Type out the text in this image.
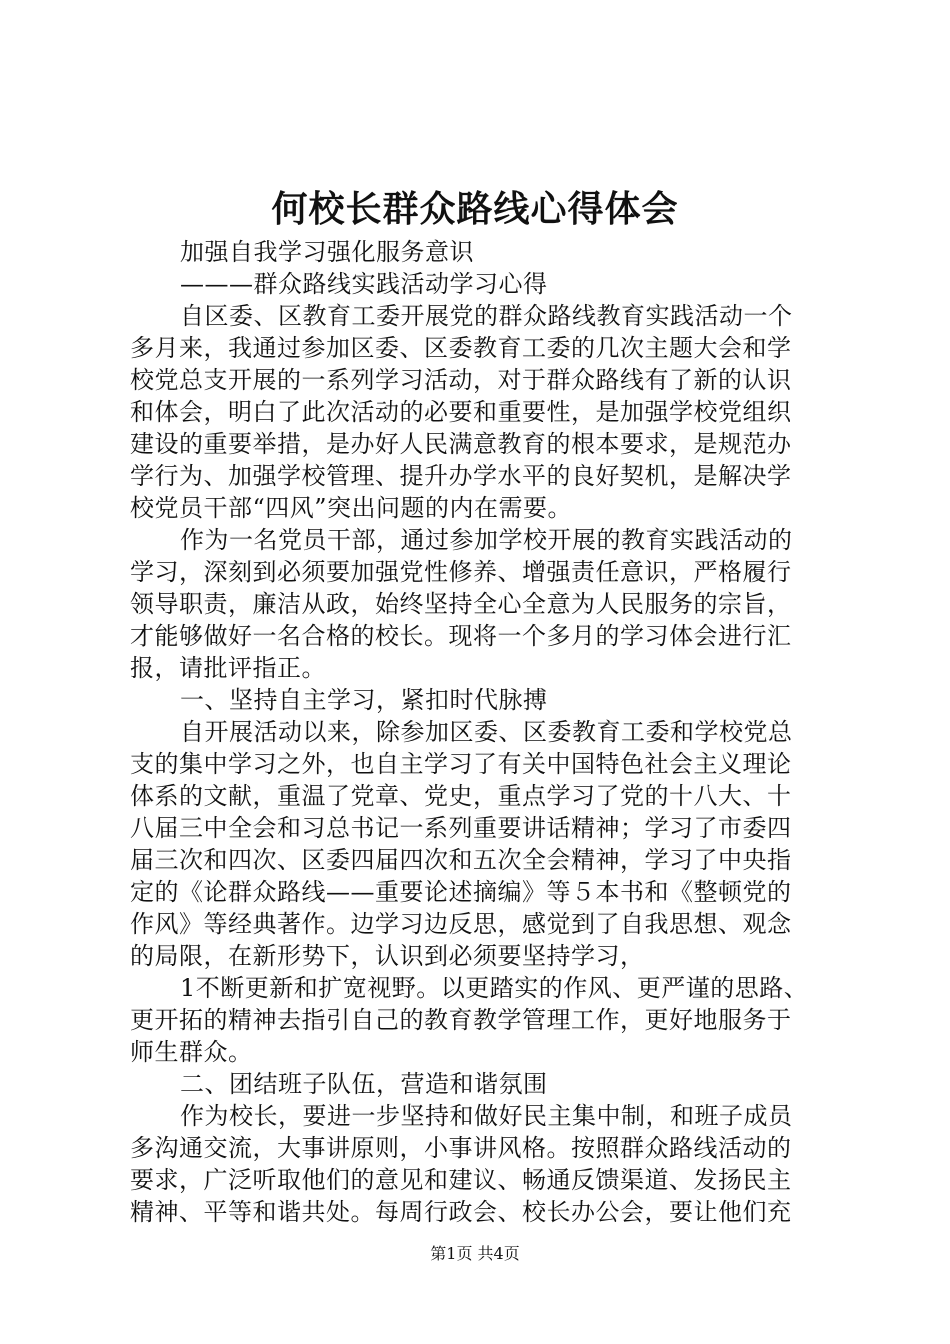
何校长群众路线心得体会
加强自我学习强化服务意识
———群众路线实践活动学习心得
自区委、区教育工委开展党的群众路线教育实践活动一个
多月来，我通过参加区委、区委教育工委的几次主题大会和学
校党总支开展的一系列学习活动，对于群众路线有了新的认识
和体会，明白了此次活动的必要和重要性，是加强学校党组织
建设的重要举措，是办好人民满意教育的根本要求，是规范办
学行为、加强学校管理、提升办学水平的良好契机，是解决学
校党员干部“四风”突出问题的内在需要。
作为一名党员干部，通过参加学校开展的教育实践活动的
学习，深刻到必须要加强党性修养、增强责任意识，严格履行
领导职责，廉洁从政，始终坚持全心全意为人民服务的宗旨，
才能够做好一名合格的校长。现将一个多月的学习体会进行汇
报，请批评指正。
一、坚持自主学习，紧扣时代脉搏
自开展活动以来，除参加区委、区委教育工委和学校党总
支的集中学习之外，也自主学习了有关中国特色社会主义理论
体系的文献，重温了党章、党史，重点学习了党的十八大、十
八届三中全会和习总书记一系列重要讲话精神；学习了市委四
届三次和四次、区委四届四次和五次全会精神，学习了中央指
定的《论群众路线——重要论述摘编》等５本书和《整顿党的
作风》等经典著作。边学习边反思，感觉到了自我思想、观念
的局限，在新形势下，认识到必须要坚持学习，
1不断更新和扩宽视野。以更踏实的作风、更严谨的思路、
更开拓的精神去指引自己的教育教学管理工作，更好地服务于
师生群众。
二、团结班子队伍，营造和谐氛围
作为校长，要进一步坚持和做好民主集中制，和班子成员
多沟通交流，大事讲原则，小事讲风格。按照群众路线活动的
要求，广泛听取他们的意见和建议、畅通反馈渠道、发扬民主
精神、平等和谐共处。每周行政会、校长办公会，要让他们充
第1页 共4页
